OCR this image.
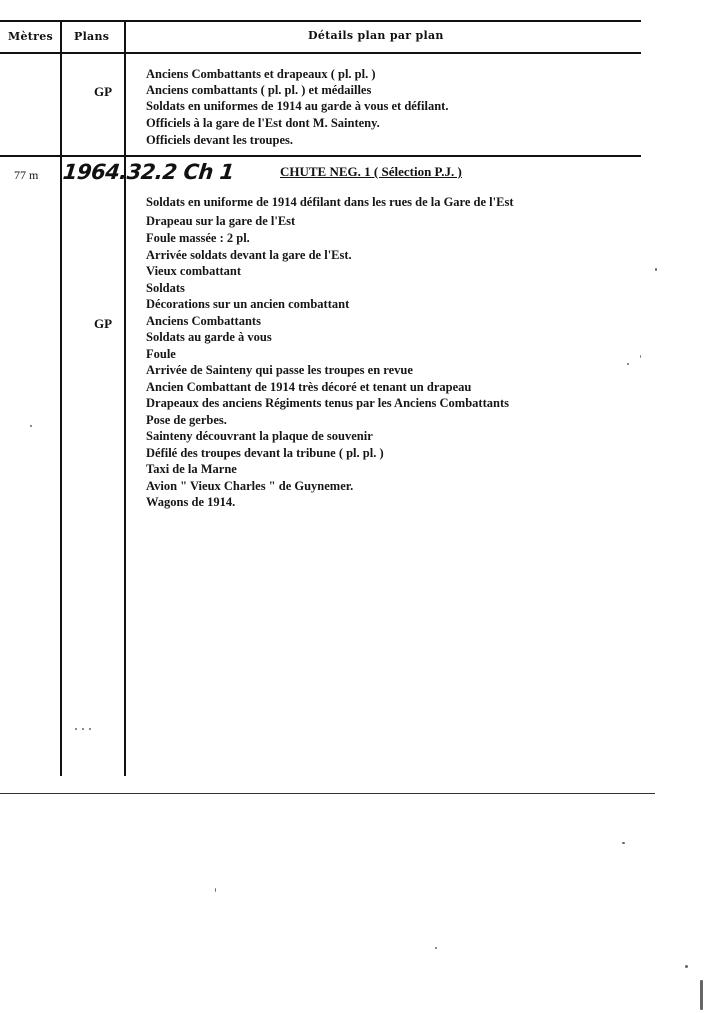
Mètres Plans	Détails plan par plan
GP
Anciens Combattants et drapeaux ( pl. pl. )
Anciens combattants ( pl. pl. ) et médailles
Soldats en uniformes de 1914 au garde à vous et défilant.
Officiels à la gare de l'Est dont M. Sainteny.
Officiels devant les troupes.
77 m 1964.32.2 Ch 1	CHUTE NEG. 1 ( Sélection P.J. )
GP
Soldats en uniforme de 1914 défilant dans les rues de la Gare de l'Est
Drapeau sur la gare de l'Est
Foule massée : 2 pl.
Arrivée soldats devant la gare de l'Est.
Vieux combattant
Soldats
Décorations sur un ancien combattant
Anciens Combattants
Soldats au garde à vous
Foule
Arrivée de Sainteny qui passe les troupes en revue
Ancien Combattant de 1914 très décoré et tenant un drapeau
Drapeaux des anciens Régiments tenus par les Anciens Combattants
Pose de gerbes.
Sainteny découvrant la plaque de souvenir
Défilé des troupes devant la tribune ( pl. pl. )
Taxi de la Marne
Avion " Vieux Charles " de Guynemer.
Wagons de 1914.
